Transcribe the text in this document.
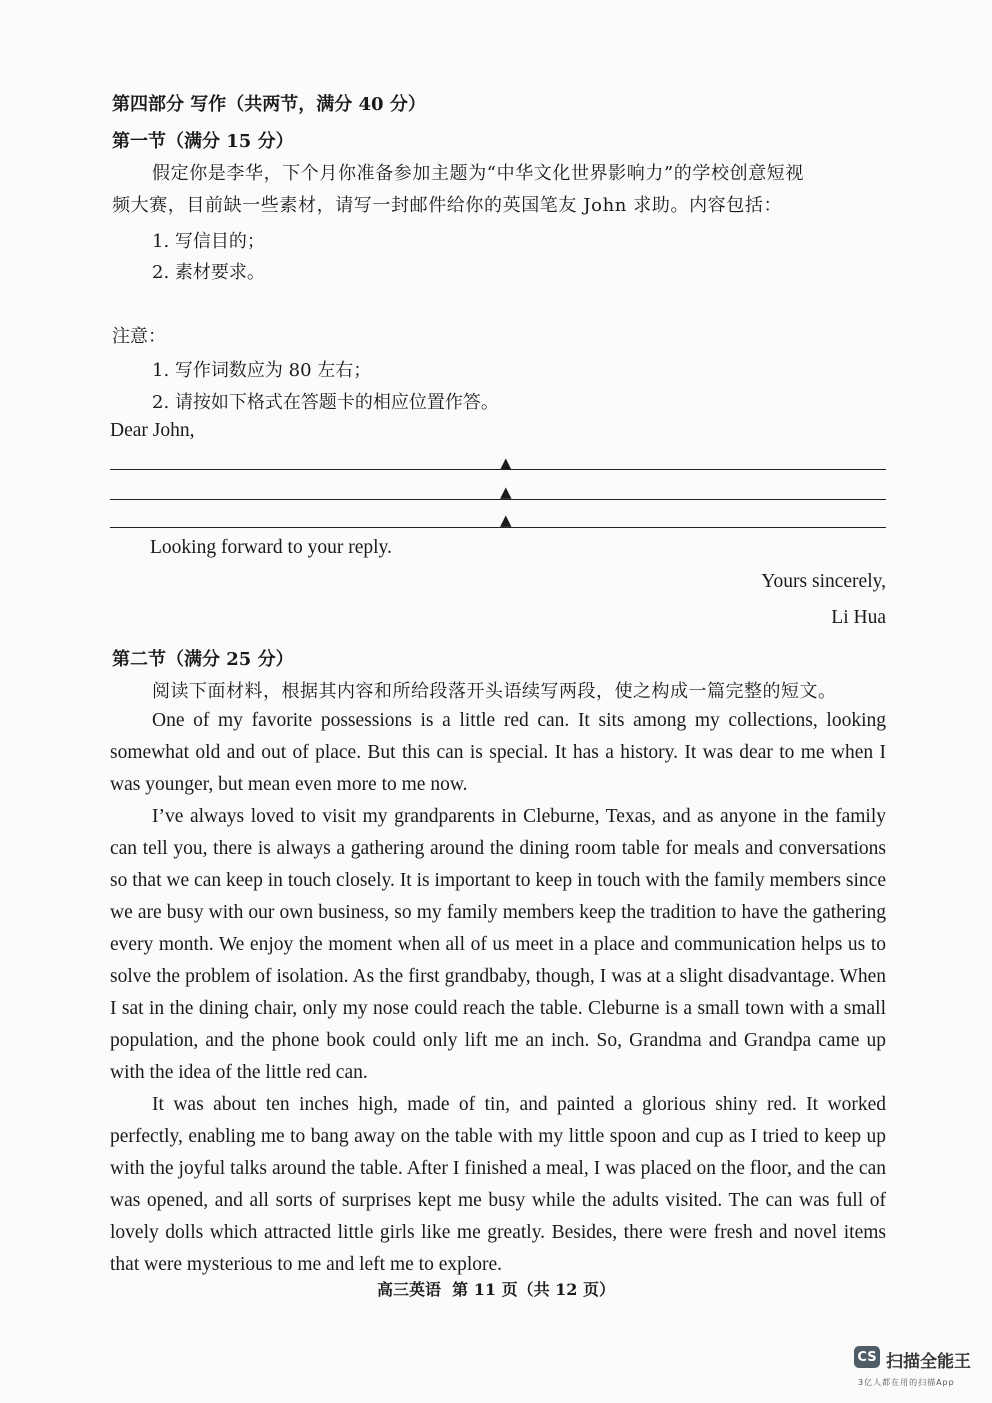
第四部分 写作（共两节，满分 40 分）
第一节（满分 15 分）
假定你是李华，下个月你准备参加主题为“中华文化世界影响力”的学校创意短视
频大赛，目前缺一些素材，请写一封邮件给你的英国笔友 John 求助。内容包括：
1. 写信目的；
2. 素材要求。
注意：
1. 写作词数应为 80 左右；
2. 请按如下格式在答题卡的相应位置作答。
Dear John,
▲
▲
▲
Looking forward to your reply.
Yours sincerely,
Li Hua
第二节（满分 25 分）
阅读下面材料，根据其内容和所给段落开头语续写两段，使之构成一篇完整的短文。
One of my favorite possessions is a little red can. It sits among my collections, looking somewhat old and out of place. But this can is special. It has a history. It was dear to me when I was younger, but mean even more to me now.
I’ve always loved to visit my grandparents in Cleburne, Texas, and as anyone in the family can tell you, there is always a gathering around the dining room table for meals and conversations so that we can keep in touch closely. It is important to keep in touch with the family members since we are busy with our own business, so my family members keep the tradition to have the gathering every month. We enjoy the moment when all of us meet in a place and communication helps us to solve the problem of isolation. As the first grandbaby, though, I was at a slight disadvantage. When I sat in the dining chair, only my nose could reach the table. Cleburne is a small town with a small population, and the phone book could only lift me an inch. So, Grandma and Grandpa came up with the idea of the little red can.
It was about ten inches high, made of tin, and painted a glorious shiny red. It worked perfectly, enabling me to bang away on the table with my little spoon and cup as I tried to keep up with the joyful talks around the table. After I finished a meal, I was placed on the floor, and the can was opened, and all sorts of surprises kept me busy while the adults visited. The can was full of lovely dolls which attracted little girls like me greatly. Besides, there were fresh and novel items that were mysterious to me and left me to explore.
高三英语  第 11 页（共 12 页）
CS 扫描全能王
3亿人都在用的扫描App
